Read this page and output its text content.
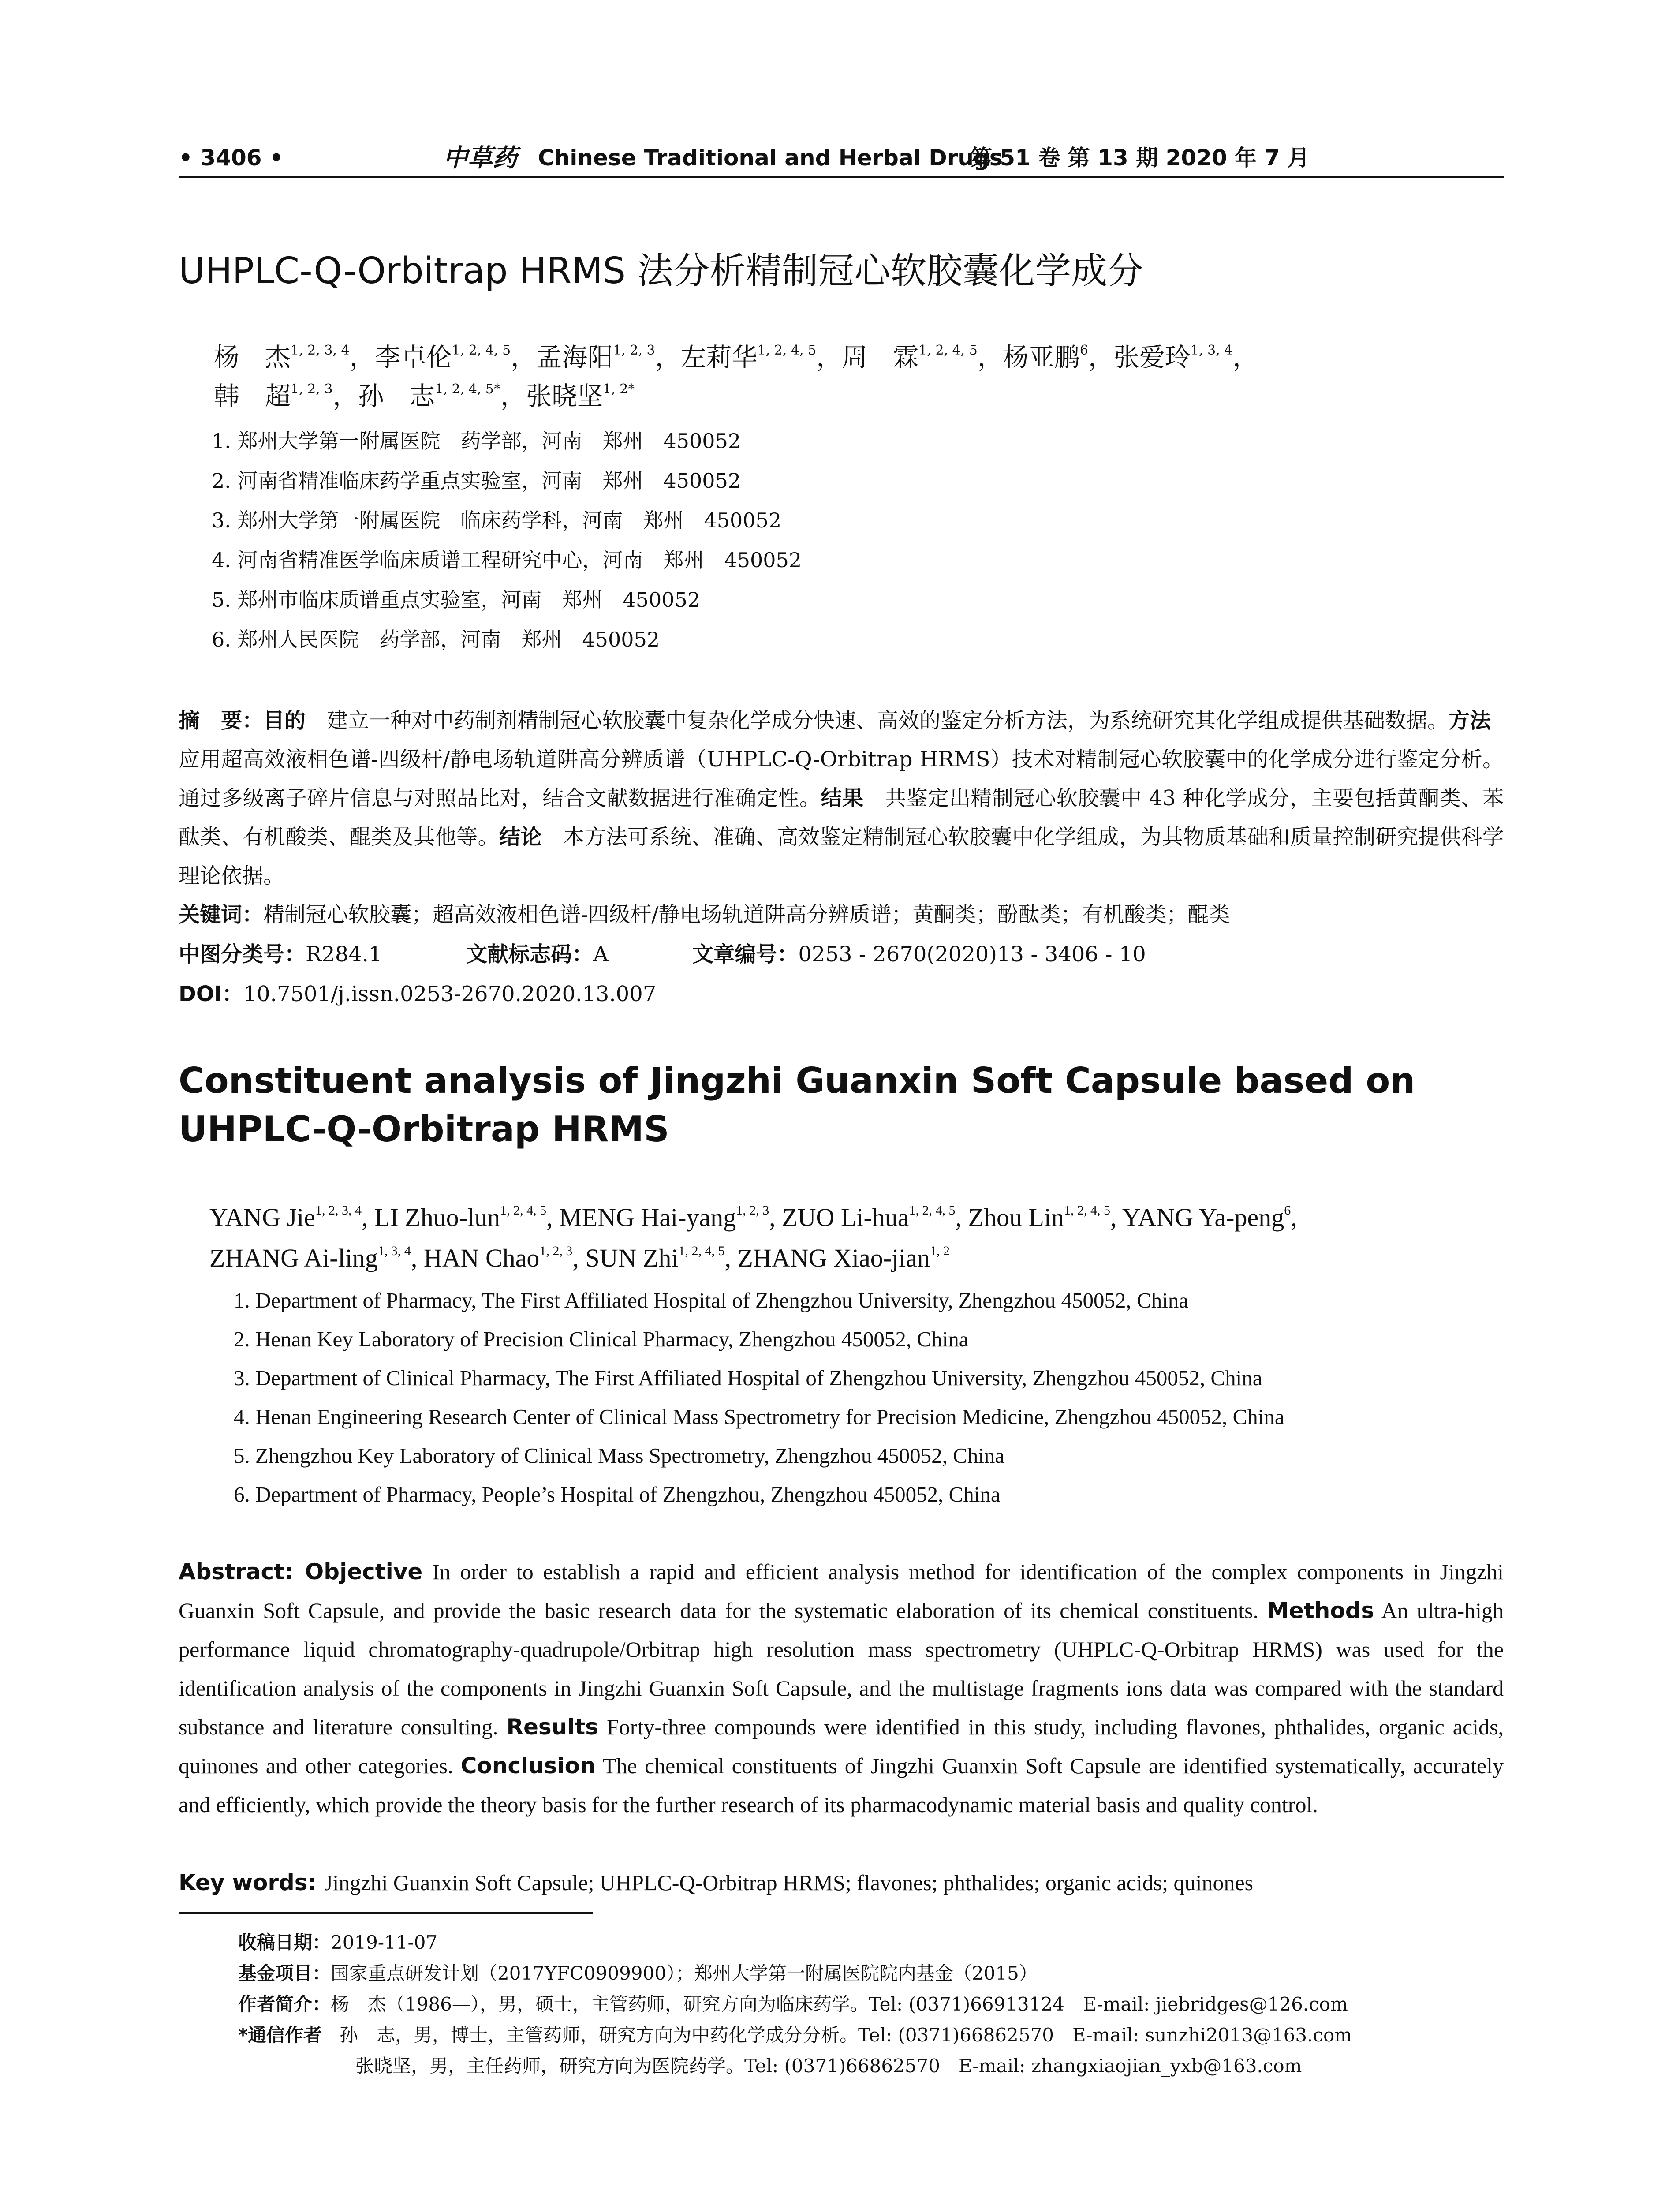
• 3406 •	中草药 Chinese Traditional and Herbal Drugs
第 51 卷 第 13 期 2020 年 7 月
UHPLC-Q-Orbitrap HRMS 法分析精制冠心软胶囊化学成分
杨　杰$^{1, 2, 3, 4}$，李卓伦$^{1, 2, 4, 5}$，孟海阳$^{1, 2, 3}$，左莉华$^{1, 2, 4, 5}$，周　霖$^{1, 2, 4, 5}$，杨亚鹏$^6$，张爱玲$^{1, 3, 4}$，
韩　超$^{1, 2, 3}$，孙　志$^{1, 2, 4, 5*}$，张晓坚$^{1, 2*}$
1. 郑州大学第一附属医院　药学部，河南　郑州　450052
2. 河南省精准临床药学重点实验室，河南　郑州　450052
3. 郑州大学第一附属医院　临床药学科，河南　郑州　450052
4. 河南省精准医学临床质谱工程研究中心，河南　郑州　450052
5. 郑州市临床质谱重点实验室，河南　郑州　450052
6. 郑州人民医院　药学部，河南　郑州　450052
摘　要：目的　建立一种对中药制剂精制冠心软胶囊中复杂化学成分快速、高效的鉴定分析方法，为系统研究其化学组成提供基础数据。方法　应用超高效液相色谱-四级杆/静电场轨道阱高分辨质谱（UHPLC-Q-Orbitrap HRMS）技术对精制冠心软胶囊中的化学成分进行鉴定分析。通过多级离子碎片信息与对照品比对，结合文献数据进行准确定性。结果　共鉴定出精制冠心软胶囊中 43 种化学成分，主要包括黄酮类、苯酞类、有机酸类、醌类及其他等。结论　本方法可系统、准确、高效鉴定精制冠心软胶囊中化学组成，为其物质基础和质量控制研究提供科学理论依据。
关键词：精制冠心软胶囊；超高效液相色谱-四级杆/静电场轨道阱高分辨质谱；黄酮类；酚酞类；有机酸类；醌类
中图分类号：R284.1	文献标志码：A	文章编号：0253 - 2670(2020)13 - 3406 - 10
DOI：10.7501/j.issn.0253-2670.2020.13.007
Constituent analysis of Jingzhi Guanxin Soft Capsule based on
UHPLC-Q-Orbitrap HRMS
YANG Jie$^{1, 2, 3, 4}$, LI Zhuo-lun$^{1, 2, 4, 5}$, MENG Hai-yang$^{1, 2, 3}$, ZUO Li-hua$^{1, 2, 4, 5}$, Zhou Lin$^{1, 2, 4, 5}$, YANG Ya-peng$^6$,
ZHANG Ai-ling$^{1, 3, 4}$, HAN Chao$^{1, 2, 3}$, SUN Zhi$^{1, 2, 4, 5}$, ZHANG Xiao-jian$^{1, 2}$
1. Department of Pharmacy, The First Affiliated Hospital of Zhengzhou University, Zhengzhou 450052, China
2. Henan Key Laboratory of Precision Clinical Pharmacy, Zhengzhou 450052, China
3. Department of Clinical Pharmacy, The First Affiliated Hospital of Zhengzhou University, Zhengzhou 450052, China
4. Henan Engineering Research Center of Clinical Mass Spectrometry for Precision Medicine, Zhengzhou 450052, China
5. Zhengzhou Key Laboratory of Clinical Mass Spectrometry, Zhengzhou 450052, China
6. Department of Pharmacy, People’s Hospital of Zhengzhou, Zhengzhou 450052, China
Abstract: Objective In order to establish a rapid and efficient analysis method for identification of the complex components in Jingzhi Guanxin Soft Capsule, and provide the basic research data for the systematic elaboration of its chemical constituents. Methods An ultra-high performance liquid chromatography-quadrupole/Orbitrap high resolution mass spectrometry (UHPLC-Q-Orbitrap HRMS) was used for the identification analysis of the components in Jingzhi Guanxin Soft Capsule, and the multistage fragments ions data was compared with the standard substance and literature consulting. Results Forty-three compounds were identified in this study, including flavones, phthalides, organic acids, quinones and other categories. Conclusion The chemical constituents of Jingzhi Guanxin Soft Capsule are identified systematically, accurately and efficiently, which provide the theory basis for the further research of its pharmacodynamic material basis and quality control.
Key words: Jingzhi Guanxin Soft Capsule; UHPLC-Q-Orbitrap HRMS; flavones; phthalides; organic acids; quinones
收稿日期：2019-11-07
基金项目：国家重点研发计划（2017YFC0909900）；郑州大学第一附属医院院内基金（2015）
作者简介：杨　杰（1986—），男，硕士，主管药师，研究方向为临床药学。Tel: (0371)66913124　E-mail: jiebridges@126.com
*通信作者 孙　志，男，博士，主管药师，研究方向为中药化学成分分析。Tel: (0371)66862570　E-mail: sunzhi2013@163.com
张晓坚，男，主任药师，研究方向为医院药学。Tel: (0371)66862570　E-mail: zhangxiaojian_yxb@163.com
